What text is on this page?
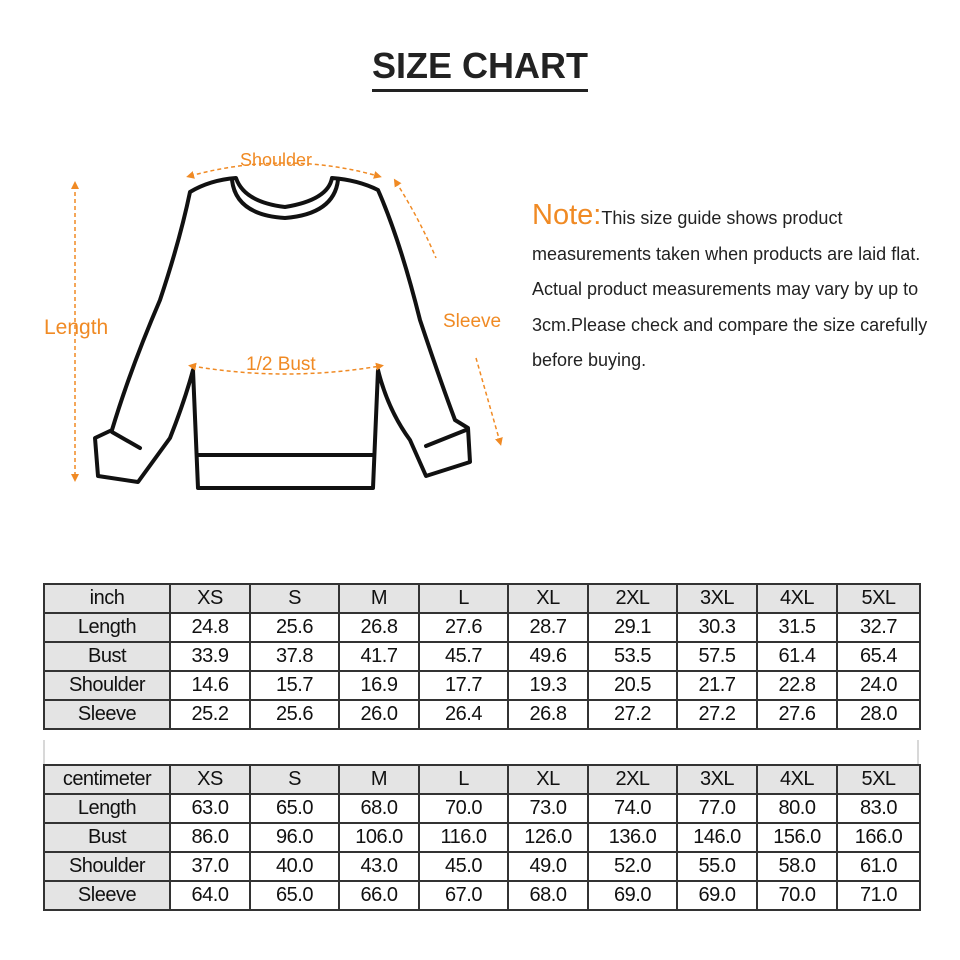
SIZE CHART
Shoulder
Length	Sleeve
1/2 Bust

Note:This size guide shows product measurements taken when products are laid flat. Actual product measurements may vary by up to 3cm.Please check and compare the size carefully before buying.

inch	XS	S	M	L	XL	2XL	3XL	4XL	5XL
Length	24.8	25.6	26.8	27.6	28.7	29.1	30.3	31.5	32.7
Bust	33.9	37.8	41.7	45.7	49.6	53.5	57.5	61.4	65.4
Shoulder	14.6	15.7	16.9	17.7	19.3	20.5	21.7	22.8	24.0
Sleeve	25.2	25.6	26.0	26.4	26.8	27.2	27.2	27.6	28.0
centimeter	XS	S	M	L	XL	2XL	3XL	4XL	5XL
Length	63.0	65.0	68.0	70.0	73.0	74.0	77.0	80.0	83.0
Bust	86.0	96.0	106.0	116.0	126.0	136.0	146.0	156.0	166.0
Shoulder	37.0	40.0	43.0	45.0	49.0	52.0	55.0	58.0	61.0
Sleeve	64.0	65.0	66.0	67.0	68.0	69.0	69.0	70.0	71.0
